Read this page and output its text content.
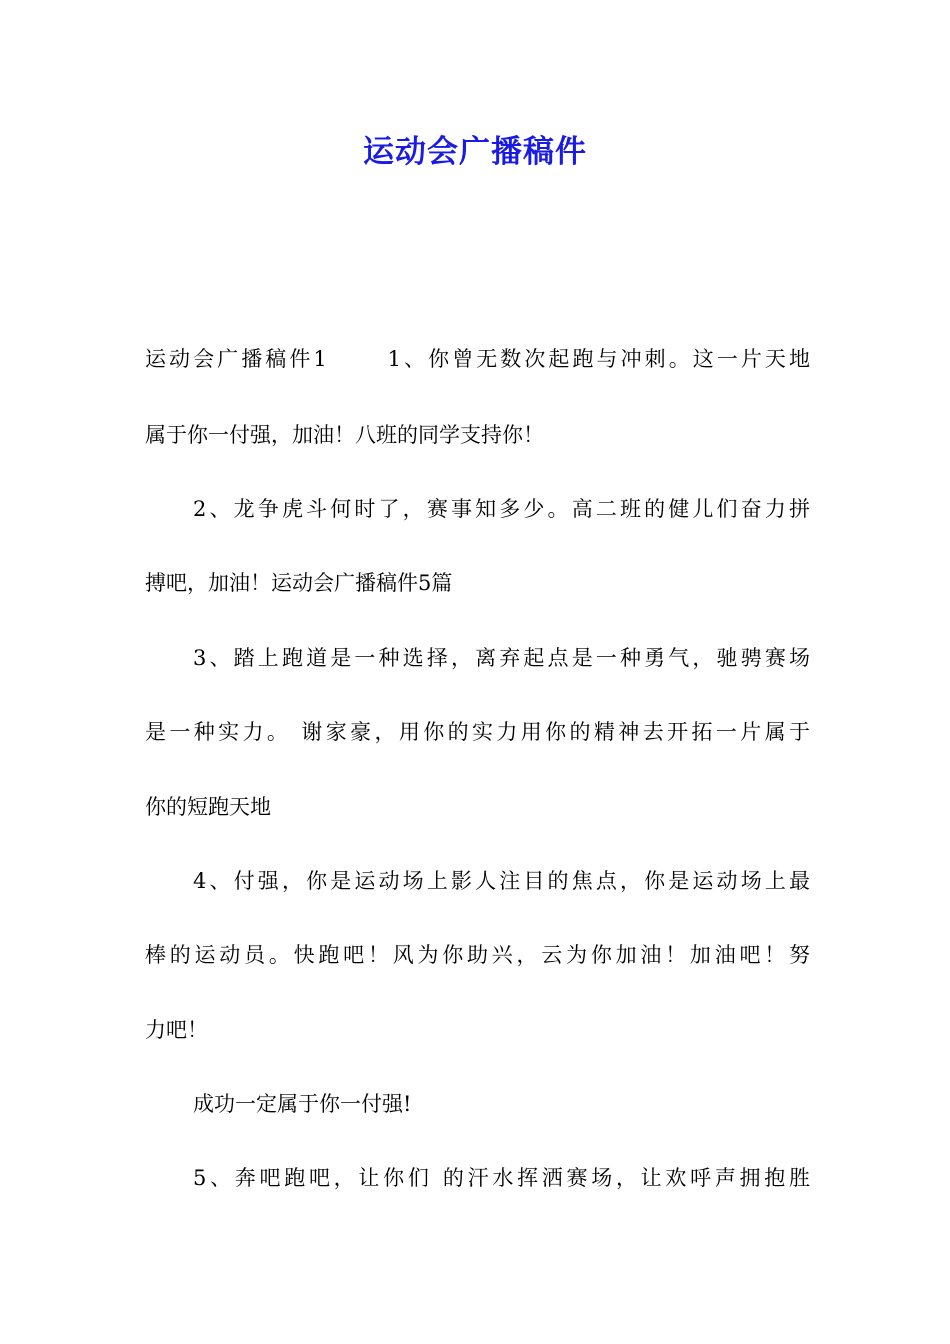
运动会广播稿件
运动会广播稿件1　　 1、你曾无数次起跑与冲刺。这一片天地
属于你一付强，加油！八班的同学支持你！
2、龙争虎斗何时了，赛事知多少。高二班的健儿们奋力拼
搏吧，加油！运动会广播稿件5篇
3、踏上跑道是一种选择，离弃起点是一种勇气，驰骋赛场
是一种实力。 谢家豪，用你的实力用你的精神去开拓一片属于
你的短跑天地
4、付强，你是运动场上影人注目的焦点，你是运动场上最
棒的运动员。快跑吧！风为你助兴，云为你加油！加油吧！努
力吧！
成功一定属于你一付强!
5、奔吧跑吧，让你们 的汗水挥洒赛场，让欢呼声拥抱胜
